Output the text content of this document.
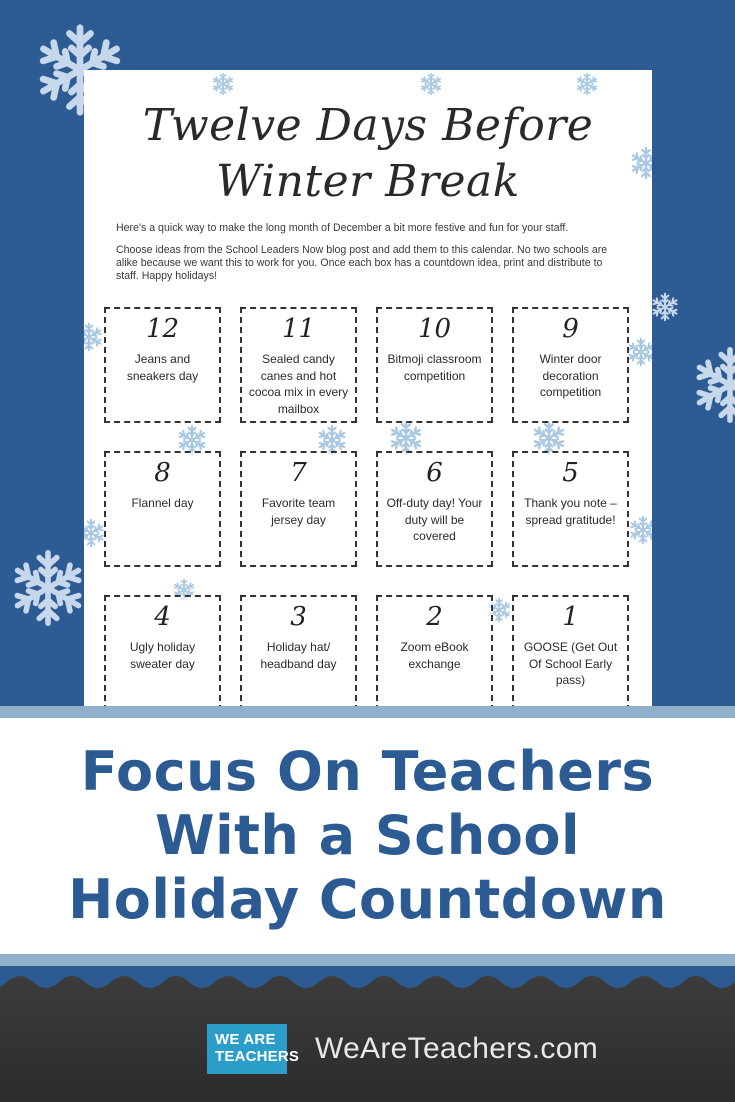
Twelve Days Before
Winter Break

Here's a quick way to make the long month of December a bit more festive and fun for your staff.

Choose ideas from the School Leaders Now blog post and add them to this calendar. No two schools are alike because we want this to work for you. Once each box has a countdown idea, print and distribute to staff. Happy holidays!

12
Jeans and sneakers day
11
Sealed candy canes and hot cocoa mix in every mailbox
10
Bitmoji classroom competition
9
Winter door decoration competition
8
Flannel day
7
Favorite team jersey day
6
Off-duty day! Your duty will be covered
5
Thank you note – spread gratitude!
4
Ugly holiday sweater day
3
Holiday hat/ headband day
2
Zoom eBook exchange
1
GOOSE (Get Out Of School Early pass)
Focus On Teachers
With a School
Holiday Countdown
WE ARE
TEACHERS WeAreTeachers.com
